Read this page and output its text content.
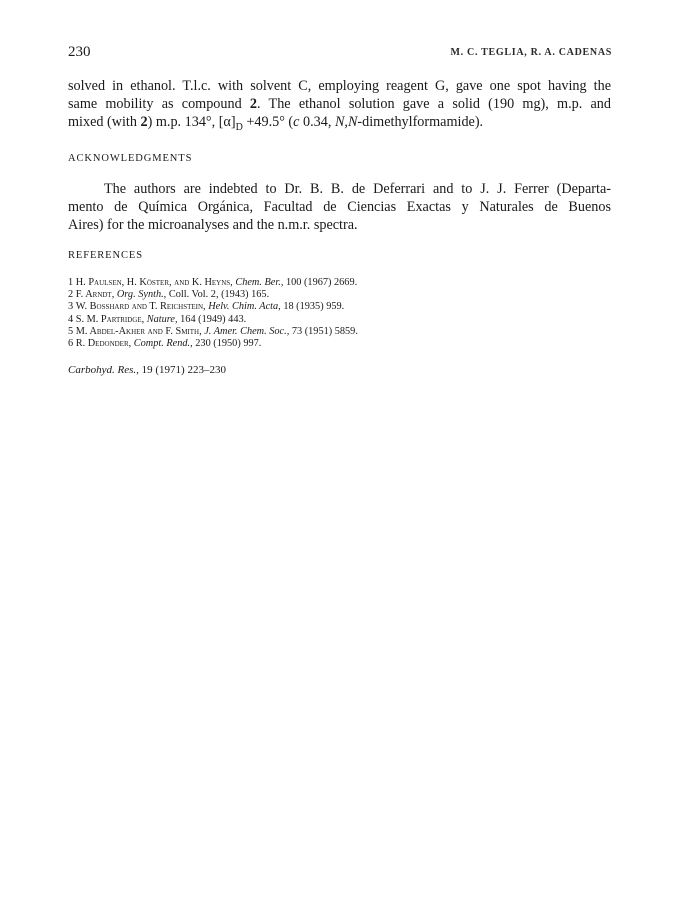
230	M. C. TEGLIA, R. A. CADENAS
solved in ethanol. T.l.c. with solvent C, employing reagent G, gave one spot having the
same mobility as compound 2. The ethanol solution gave a solid (190 mg), m.p. and
mixed (with 2) m.p. 134°, $[\alpha]_D +49.5^\circ$ (c 0.34, N,N-dimethylformamide).
ACKNOWLEDGMENTS
The authors are indebted to Dr. B. B. de Deferrari and to J. J. Ferrer (Departa-
mento de Química Orgánica, Facultad de Ciencias Exactas y Naturales de Buenos
Aires) for the microanalyses and the n.m.r. spectra.
REFERENCES
1 H. Paulsen, H. Köster, and K. Heyns, Chem. Ber., 100 (1967) 2669.
2 F. Arndt, Org. Synth., Coll. Vol. 2, (1943) 165.
3 W. Bosshard and T. Reichstein, Helv. Chim. Acta, 18 (1935) 959.
4 S. M. Partridge, Nature, 164 (1949) 443.
5 M. Abdel-Akher and F. Smith, J. Amer. Chem. Soc., 73 (1951) 5859.
6 R. Dedonder, Compt. Rend., 230 (1950) 997.
Carbohyd. Res., 19 (1971) 223–230
